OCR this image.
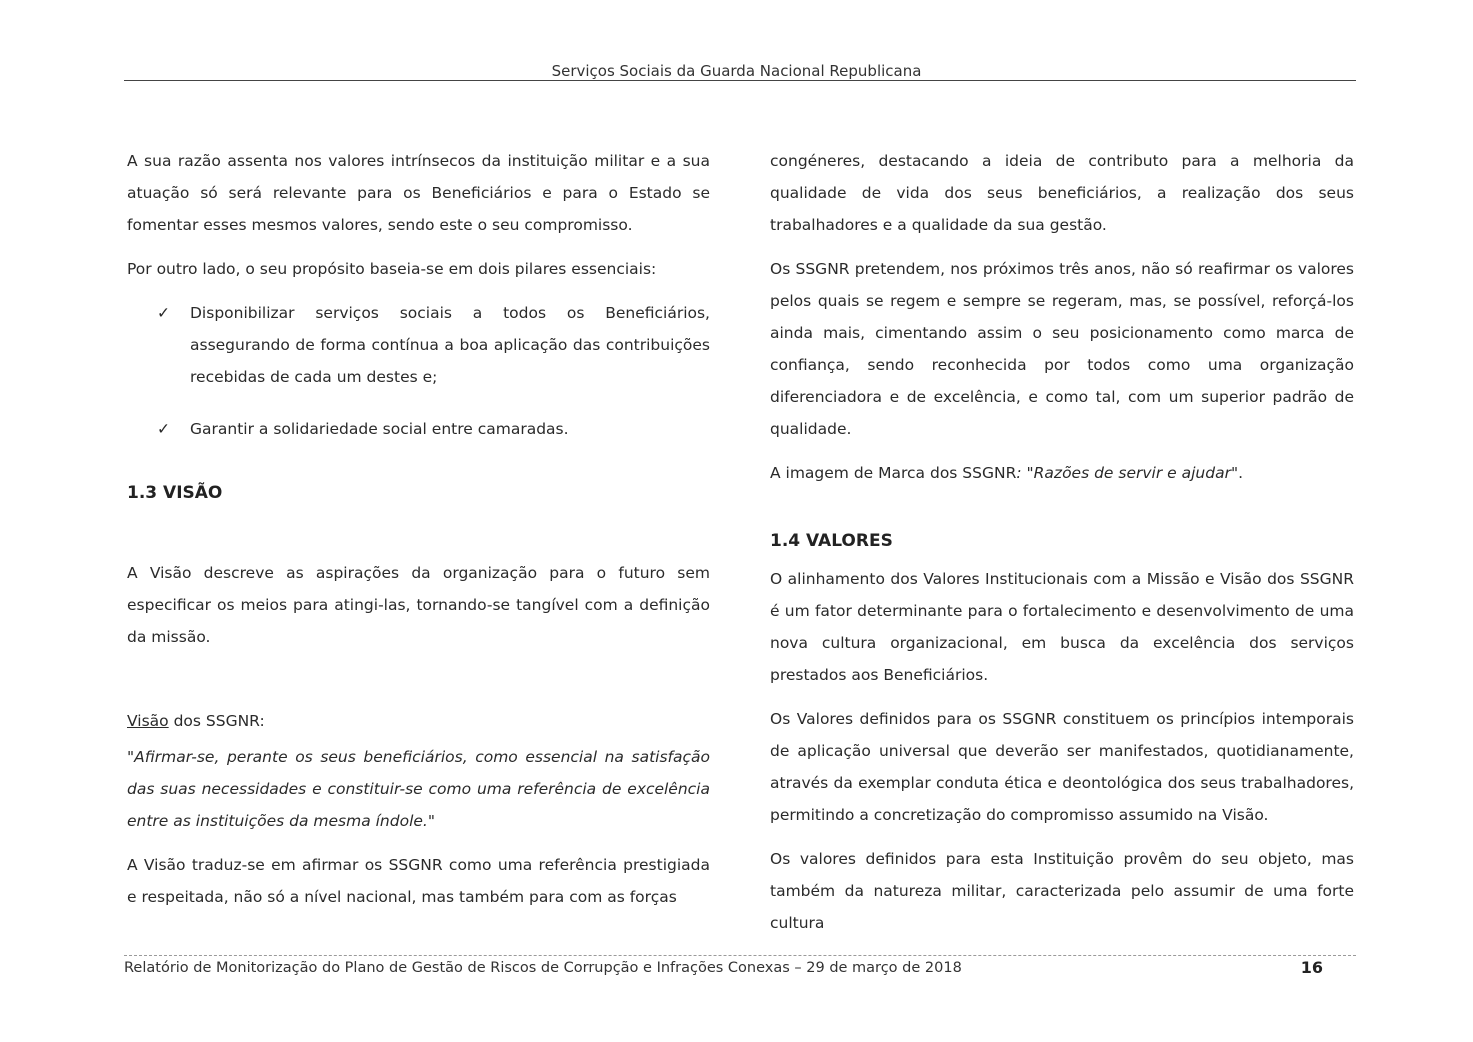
Serviços Sociais da Guarda Nacional Republicana

A sua razão assenta nos valores intrínsecos da instituição militar e a sua atuação só será relevante para os Beneficiários e para o Estado se fomentar esses mesmos valores, sendo este o seu compromisso.

Por outro lado, o seu propósito baseia-se em dois pilares essenciais:

✓ Disponibilizar serviços sociais a todos os Beneficiários, assegurando de forma contínua a boa aplicação das contribuições recebidas de cada um destes e;
✓ Garantir a solidariedade social entre camaradas.
1.3 VISÃO

A Visão descreve as aspirações da organização para o futuro sem especificar os meios para atingi-las, tornando-se tangível com a definição da missão.

Visão dos SSGNR:

"Afirmar-se, perante os seus beneficiários, como essencial na satisfação das suas necessidades e constituir-se como uma referência de excelência entre as instituições da mesma índole."

A Visão traduz-se em afirmar os SSGNR como uma referência prestigiada e respeitada, não só a nível nacional, mas também para com as forças

congéneres, destacando a ideia de contributo para a melhoria da qualidade de vida dos seus beneficiários, a realização dos seus trabalhadores e a qualidade da sua gestão.

Os SSGNR pretendem, nos próximos três anos, não só reafirmar os valores pelos quais se regem e sempre se regeram, mas, se possível, reforçá-los ainda mais, cimentando assim o seu posicionamento como marca de confiança, sendo reconhecida por todos como uma organização diferenciadora e de excelência, e como tal, com um superior padrão de qualidade.

A imagem de Marca dos SSGNR: "Razões de servir e ajudar".

1.4 VALORES

O alinhamento dos Valores Institucionais com a Missão e Visão dos SSGNR é um fator determinante para o fortalecimento e desenvolvimento de uma nova cultura organizacional, em busca da excelência dos serviços prestados aos Beneficiários.

Os Valores definidos para os SSGNR constituem os princípios intemporais de aplicação universal que deverão ser manifestados, quotidianamente, através da exemplar conduta ética e deontológica dos seus trabalhadores, permitindo a concretização do compromisso assumido na Visão.

Os valores definidos para esta Instituição provêm do seu objeto, mas também da natureza militar, caracterizada pelo assumir de uma forte cultura

Relatório de Monitorização do Plano de Gestão de Riscos de Corrupção e Infrações Conexas – 29 de março de 2018	16
